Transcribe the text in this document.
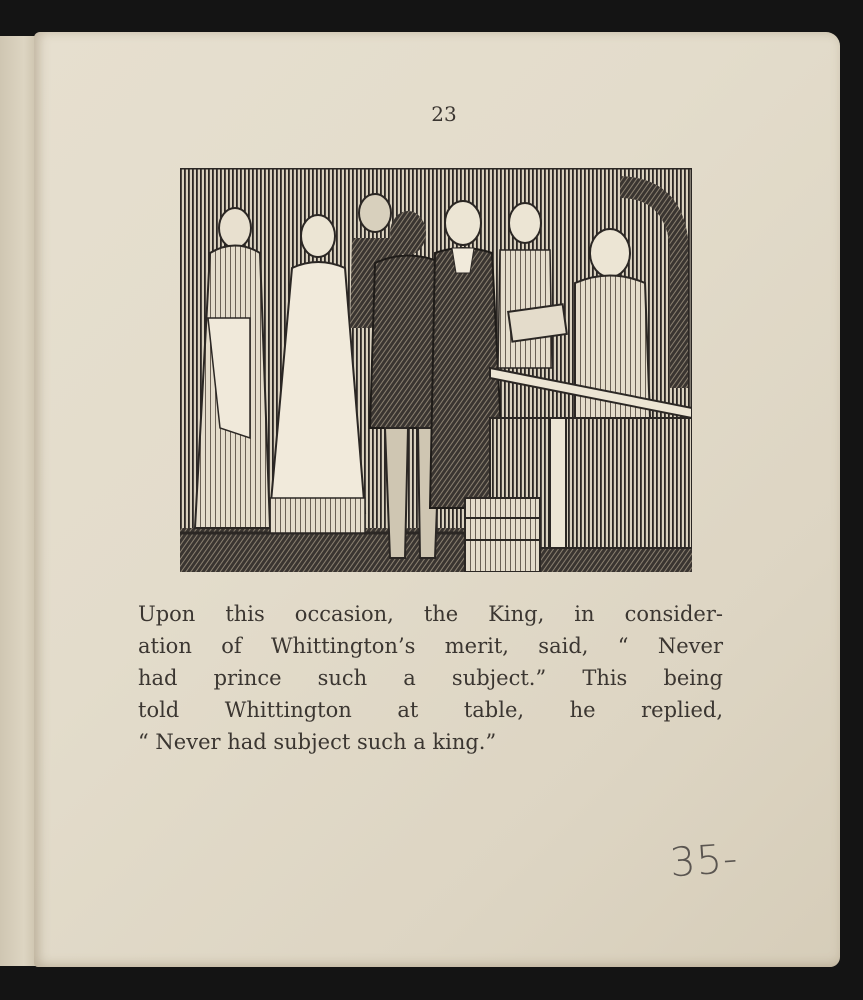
23
Upon this occasion, the King, in consider-
ation of Whittington’s merit, said, “ Never
had prince such a subject.” This being
told Whittington at table, he replied,
“ Never had subject such a king.”
35-
